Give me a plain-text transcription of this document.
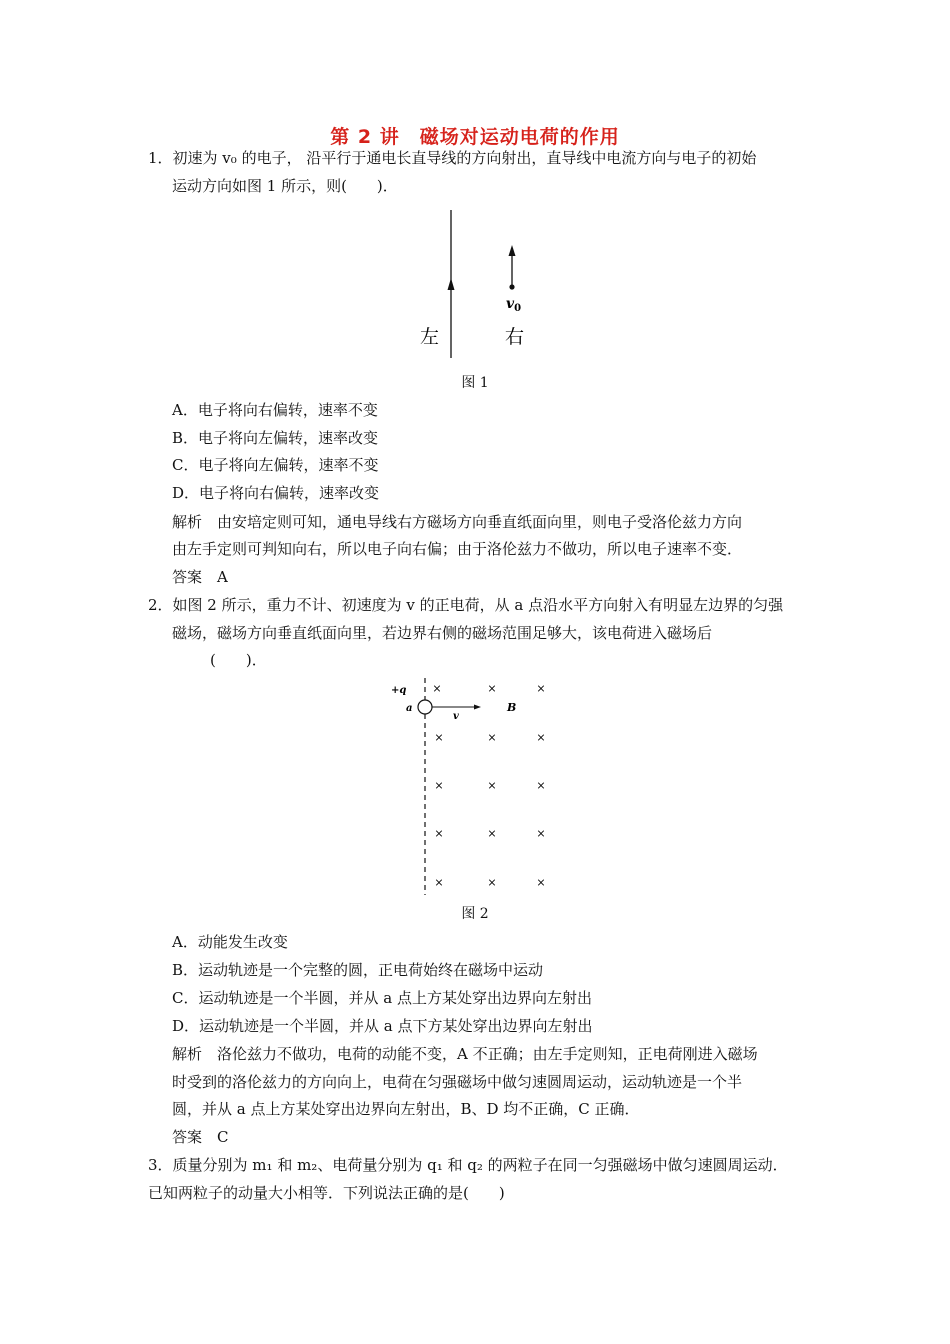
第 2 讲　磁场对运动电荷的作用
1．初速为 v₀ 的电子， 沿平行于通电长直导线的方向射出，直导线中电流方向与电子的初始
运动方向如图 1 所示，则(　　)．
$v_0$
左	右
图 1
A．电子将向右偏转，速率不变
B．电子将向左偏转，速率改变
C．电子将向左偏转，速率不变
D．电子将向右偏转，速率改变
解析　由安培定则可知，通电导线右方磁场方向垂直纸面向里，则电子受洛伦兹力方向
由左手定则可判知向右，所以电子向右偏；由于洛伦兹力不做功，所以电子速率不变．
答案　A
2．如图 2 所示，重力不计、初速度为 v 的正电荷，从 a 点沿水平方向射入有明显左边界的匀强
磁场，磁场方向垂直纸面向里，若边界右侧的磁场范围足够大，该电荷进入磁场后
(　　)．
+q
a
v
B
×	×	×
×	×	×
×	×	×
×	×	×
×	×	×
图 2
A．动能发生改变
B．运动轨迹是一个完整的圆，正电荷始终在磁场中运动
C．运动轨迹是一个半圆，并从 a 点上方某处穿出边界向左射出
D．运动轨迹是一个半圆，并从 a 点下方某处穿出边界向左射出
解析　洛伦兹力不做功，电荷的动能不变，A 不正确；由左手定则知，正电荷刚进入磁场
时受到的洛伦兹力的方向向上，电荷在匀强磁场中做匀速圆周运动，运动轨迹是一个半
圆，并从 a 点上方某处穿出边界向左射出，B、D 均不正确，C 正确．
答案　C
3．质量分别为 m₁ 和 m₂、电荷量分别为 q₁ 和 q₂ 的两粒子在同一匀强磁场中做匀速圆周运动．
已知两粒子的动量大小相等．下列说法正确的是(　　)
